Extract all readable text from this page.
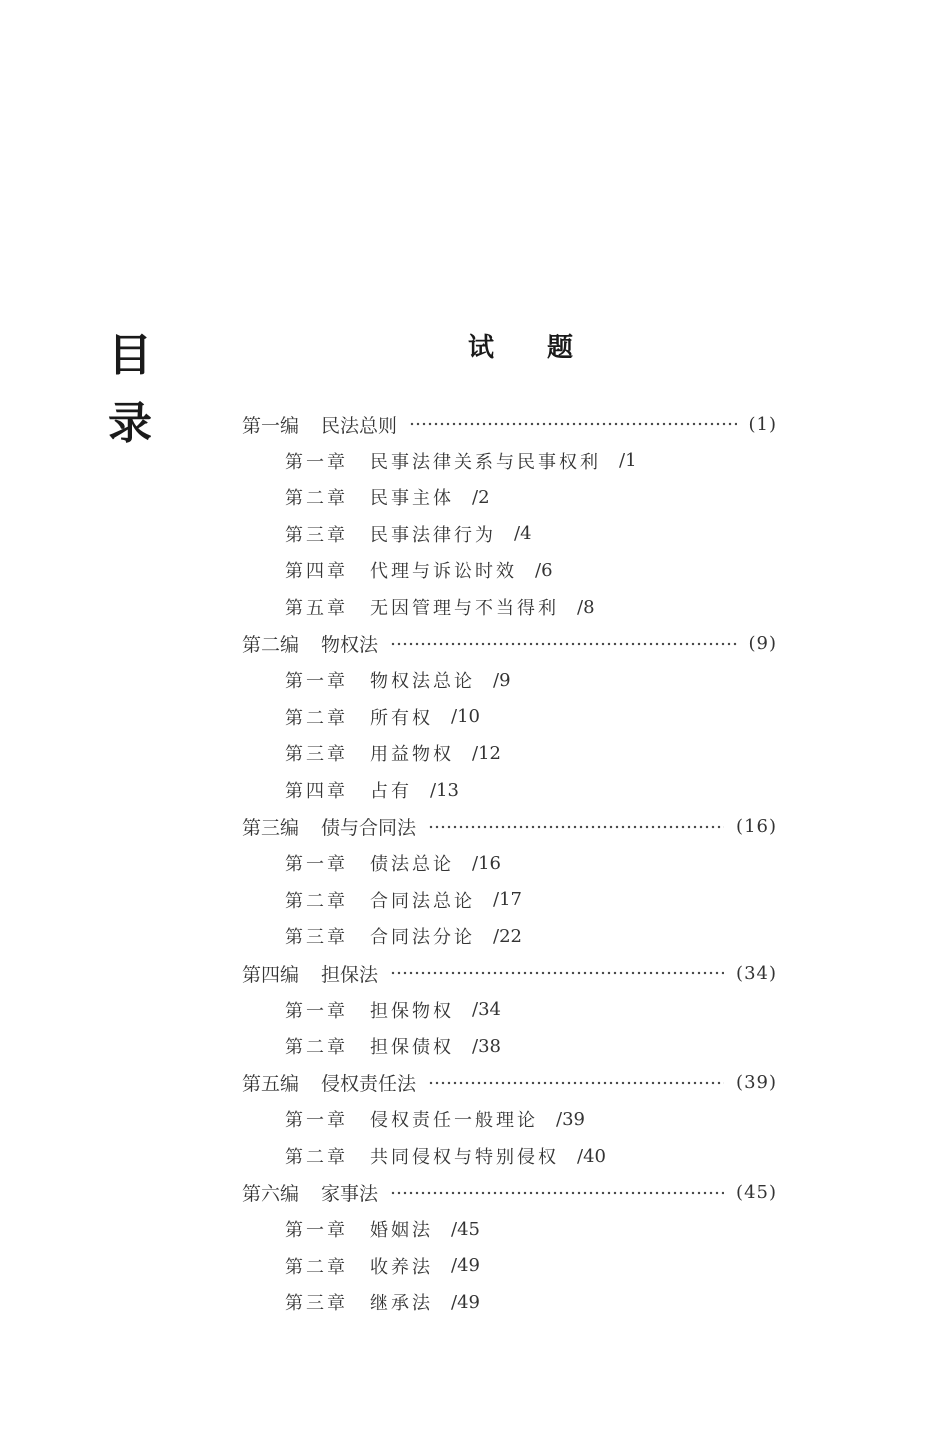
目
录
试 题
第一编 民法总则	(1)
第一章 民事法律关系与民事权利 /1
第二章 民事主体 /2
第三章 民事法律行为 /4
第四章 代理与诉讼时效 /6
第五章 无因管理与不当得利 /8
第二编 物权法	(9)
第一章 物权法总论 /9
第二章 所有权 /10
第三章 用益物权 /12
第四章 占有 /13
第三编 债与合同法	(16)
第一章 债法总论 /16
第二章 合同法总论 /17
第三章 合同法分论 /22
第四编 担保法	(34)
第一章 担保物权 /34
第二章 担保债权 /38
第五编 侵权责任法	(39)
第一章 侵权责任一般理论 /39
第二章 共同侵权与特别侵权 /40
第六编 家事法	(45)
第一章 婚姻法 /45
第二章 收养法 /49
第三章 继承法 /49
